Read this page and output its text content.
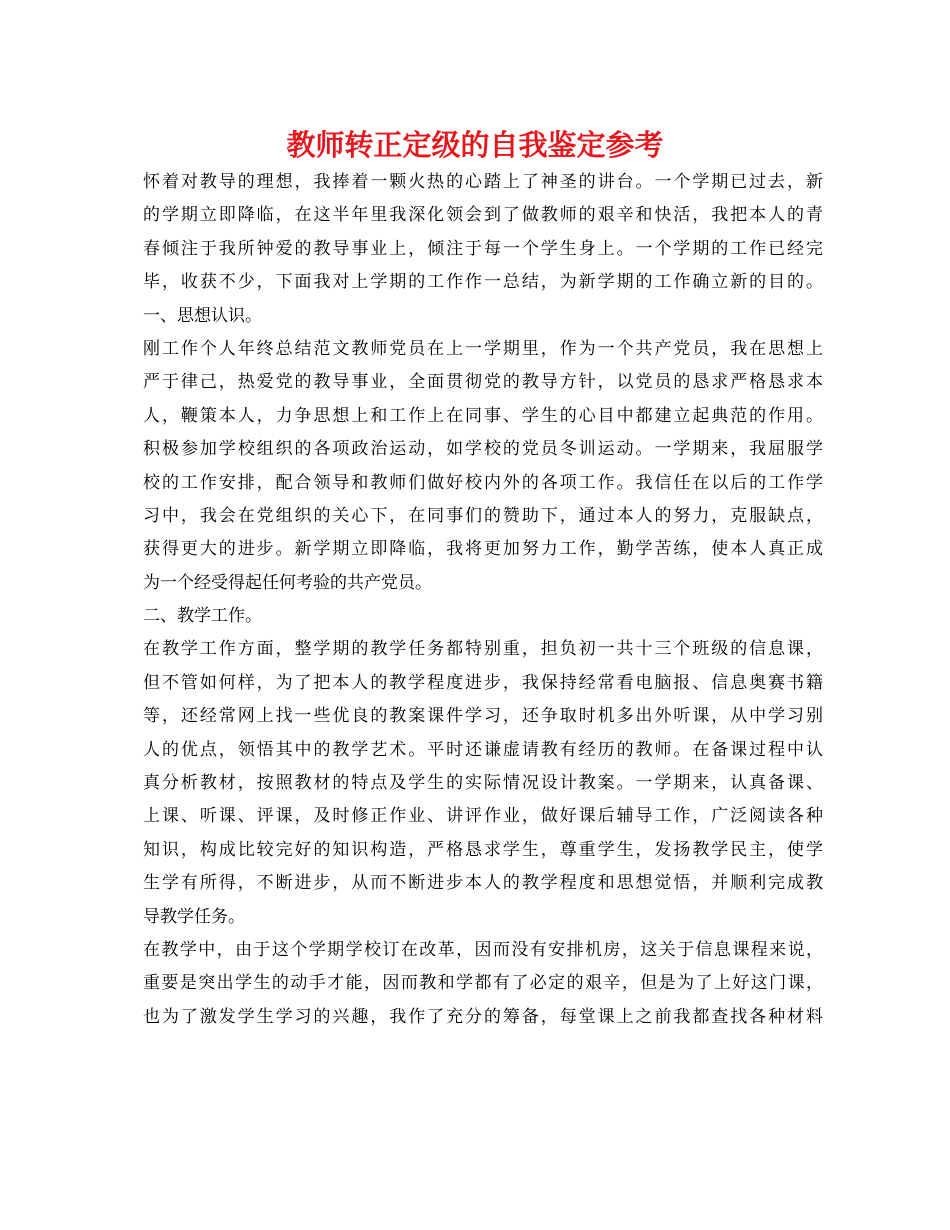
教师转正定级的自我鉴定参考
怀着对教导的理想，我捧着一颗火热的心踏上了神圣的讲台。一个学期已过去，新
的学期立即降临，在这半年里我深化领会到了做教师的艰辛和快活，我把本人的青
春倾注于我所钟爱的教导事业上，倾注于每一个学生身上。一个学期的工作已经完
毕，收获不少，下面我对上学期的工作作一总结，为新学期的工作确立新的目的。
一、思想认识。
刚工作个人年终总结范文教师党员在上一学期里，作为一个共产党员，我在思想上
严于律己，热爱党的教导事业，全面贯彻党的教导方针，以党员的恳求严格恳求本
人，鞭策本人，力争思想上和工作上在同事、学生的心目中都建立起典范的作用。
积极参加学校组织的各项政治运动，如学校的党员冬训运动。一学期来，我屈服学
校的工作安排，配合领导和教师们做好校内外的各项工作。我信任在以后的工作学
习中，我会在党组织的关心下，在同事们的赞助下，通过本人的努力，克服缺点，
获得更大的进步。新学期立即降临，我将更加努力工作，勤学苦练，使本人真正成
为一个经受得起任何考验的共产党员。
二、教学工作。
在教学工作方面，整学期的教学任务都特别重，担负初一共十三个班级的信息课，
但不管如何样，为了把本人的教学程度进步，我保持经常看电脑报、信息奥赛书籍
等，还经常网上找一些优良的教案课件学习，还争取时机多出外听课，从中学习别
人的优点，领悟其中的教学艺术。平时还谦虚请教有经历的教师。在备课过程中认
真分析教材，按照教材的特点及学生的实际情况设计教案。一学期来，认真备课、
上课、听课、评课，及时修正作业、讲评作业，做好课后辅导工作，广泛阅读各种
知识，构成比较完好的知识构造，严格恳求学生，尊重学生，发扬教学民主，使学
生学有所得，不断进步，从而不断进步本人的教学程度和思想觉悟，并顺利完成教
导教学任务。
在教学中，由于这个学期学校订在改革，因而没有安排机房，这关于信息课程来说，
重要是突出学生的动手才能，因而教和学都有了必定的艰辛，但是为了上好这门课，
也为了激发学生学习的兴趣，我作了充分的筹备，每堂课上之前我都查找各种材料
